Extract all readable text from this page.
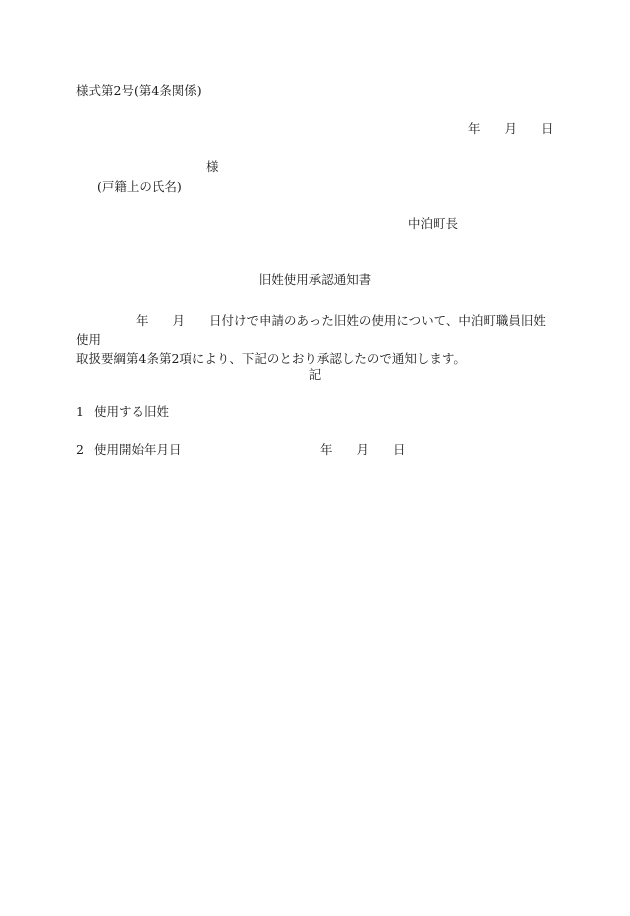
様式第2号(第4条関係)
年 月 日
様
(戸籍上の氏名)
中泊町長
旧姓使用承認通知書
年 月 日付けで申請のあった旧姓の使用について、中泊町職員旧姓使用
取扱要綱第4条第2項により、下記のとおり承認したので通知します。
記
1 使用する旧姓
2 使用開始年月日	年 月 日
